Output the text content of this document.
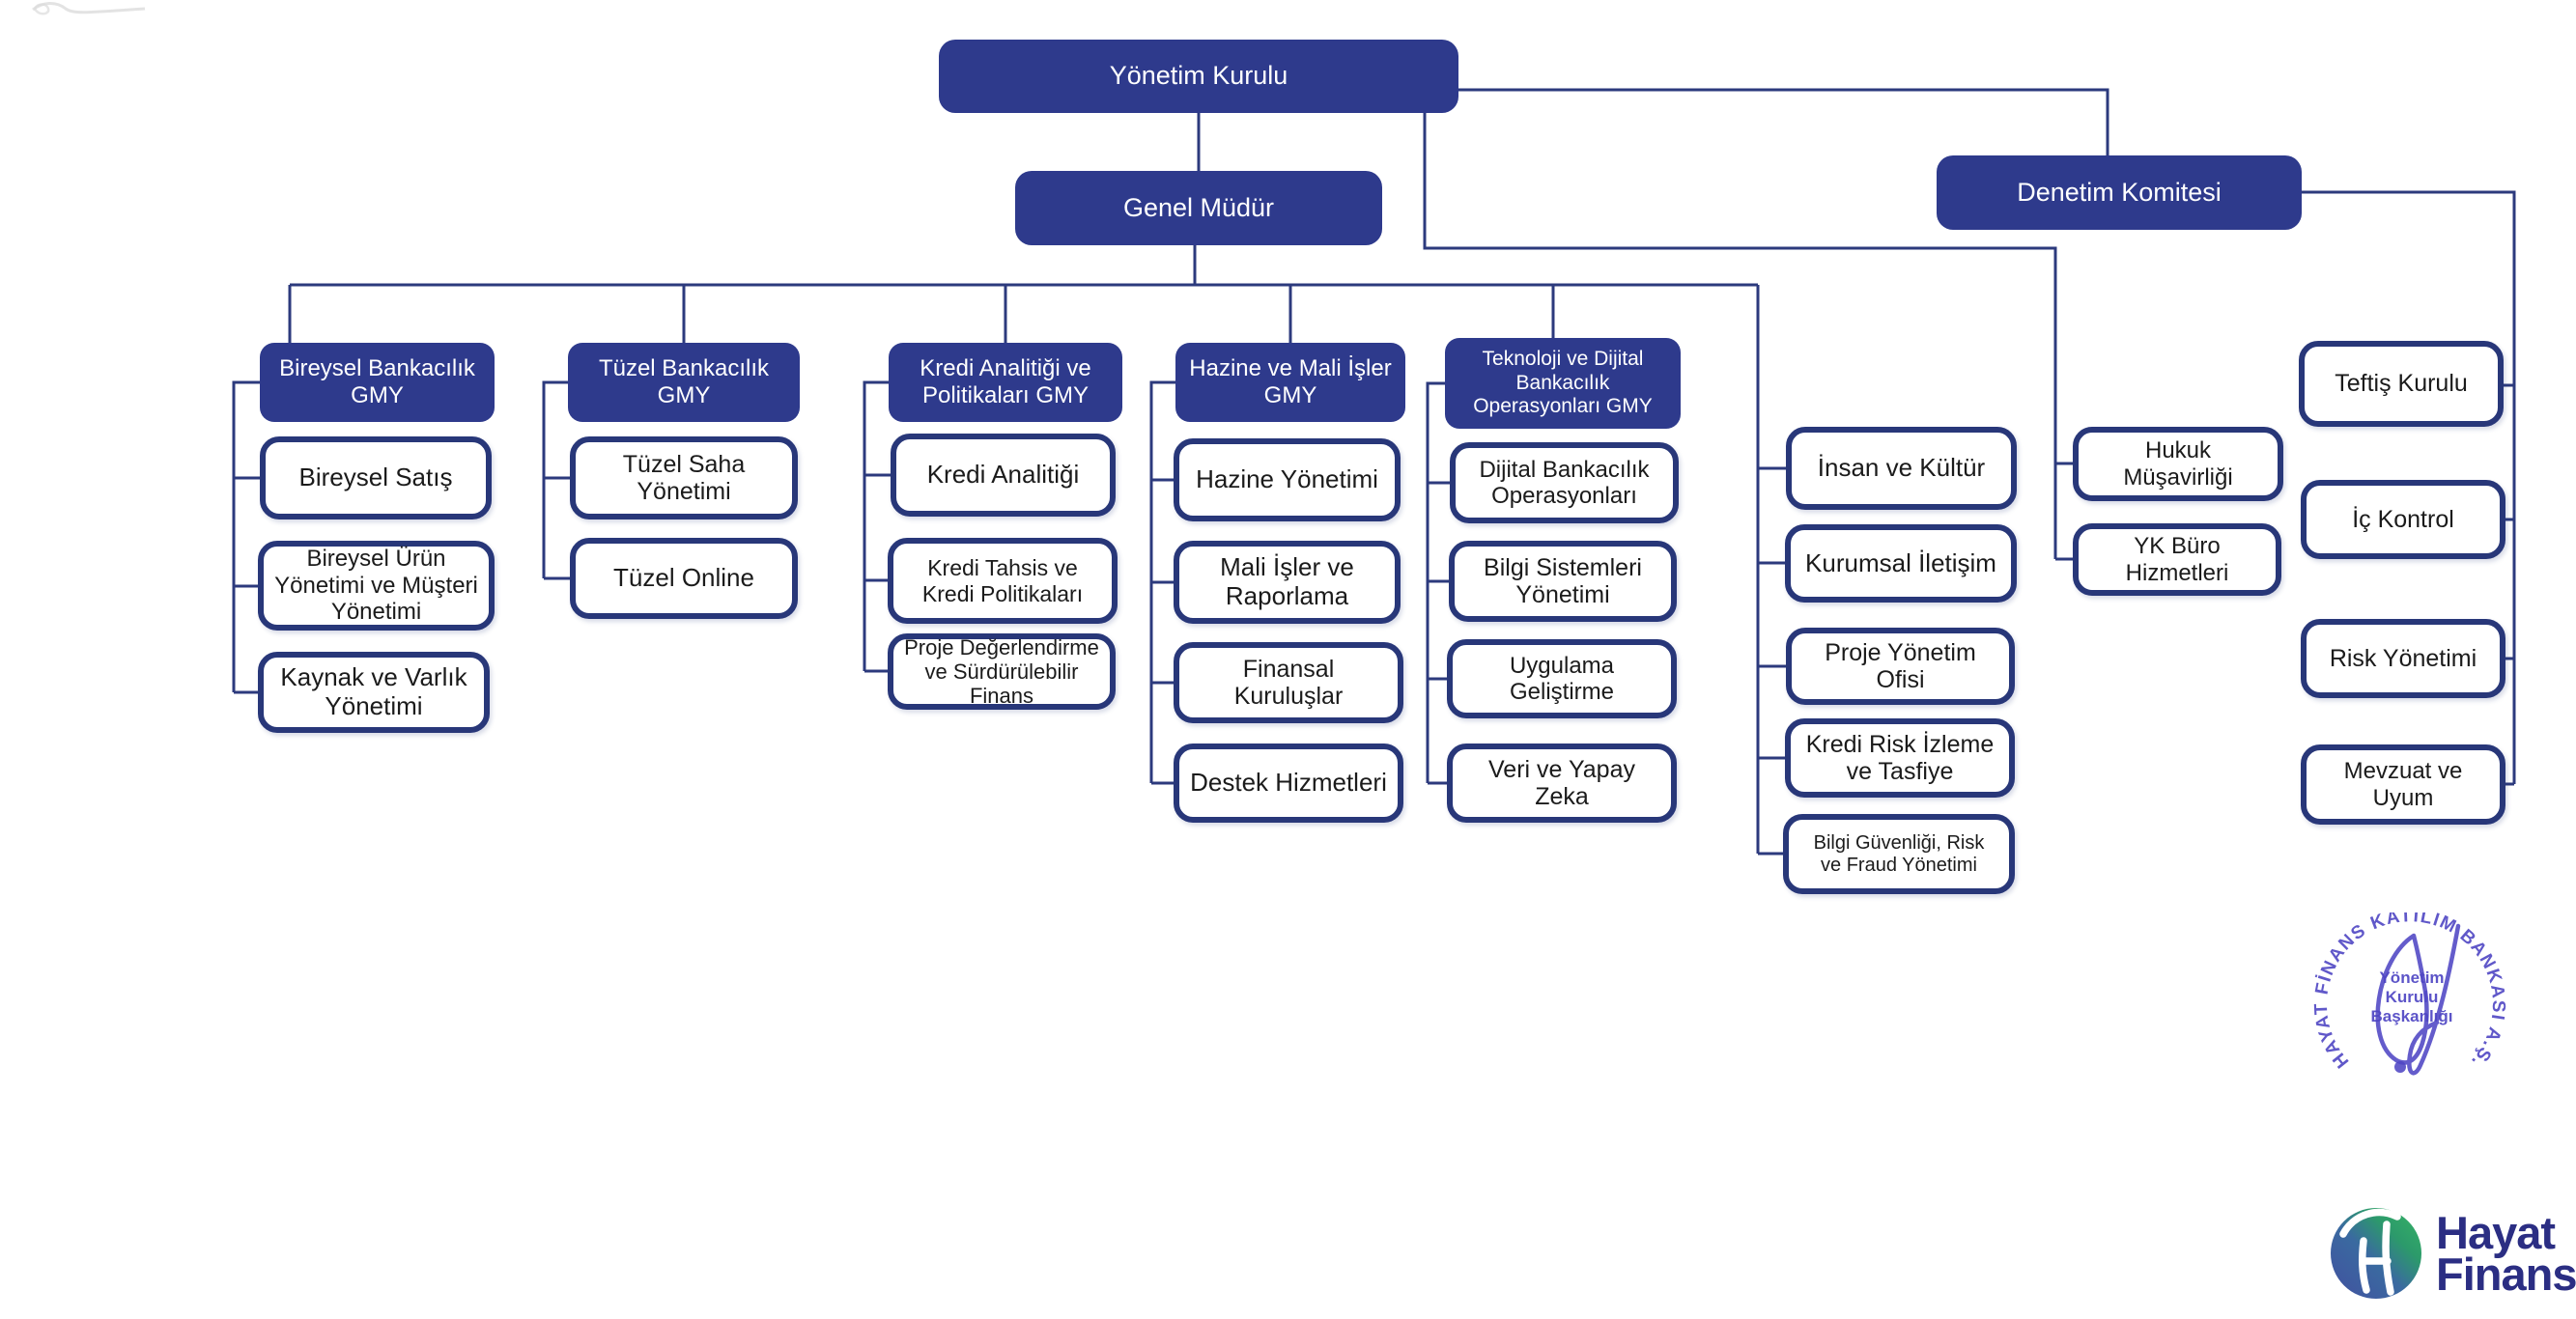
Yönetim Kurulu
Genel Müdür
Denetim Komitesi
Bireysel Bankacılık GMY
Bireysel Satış
Bireysel Ürün Yönetimi ve Müşteri Yönetimi
Kaynak ve Varlık Yönetimi
Tüzel Bankacılık GMY
Tüzel Saha Yönetimi
Tüzel Online
Kredi Analitiği ve Politikaları GMY
Kredi Analitiği
Kredi Tahsis ve Kredi Politikaları
Proje Değerlendirme ve Sürdürülebilir Finans
Hazine ve Mali İşler GMY
Hazine Yönetimi
Mali İşler ve Raporlama
Finansal Kuruluşlar
Destek Hizmetleri
Teknoloji ve Dijital Bankacılık Operasyonları GMY
Dijital Bankacılık Operasyonları
Bilgi Sistemleri Yönetimi
Uygulama Geliştirme
Veri ve Yapay Zeka
İnsan ve Kültür
Kurumsal İletişim
Proje Yönetim Ofisi
Kredi Risk İzleme ve Tasfiye
Bilgi Güvenliği, Risk ve Fraud Yönetimi
Hukuk Müşavirliği
YK Büro Hizmetleri
Teftiş Kurulu
İç Kontrol
Risk Yönetimi
Mevzuat ve Uyum
HAYAT FİNANS KATILIM BANKASI A.Ş.
Yönetim Kurulu Başkanlığı
Hayat
Finans
